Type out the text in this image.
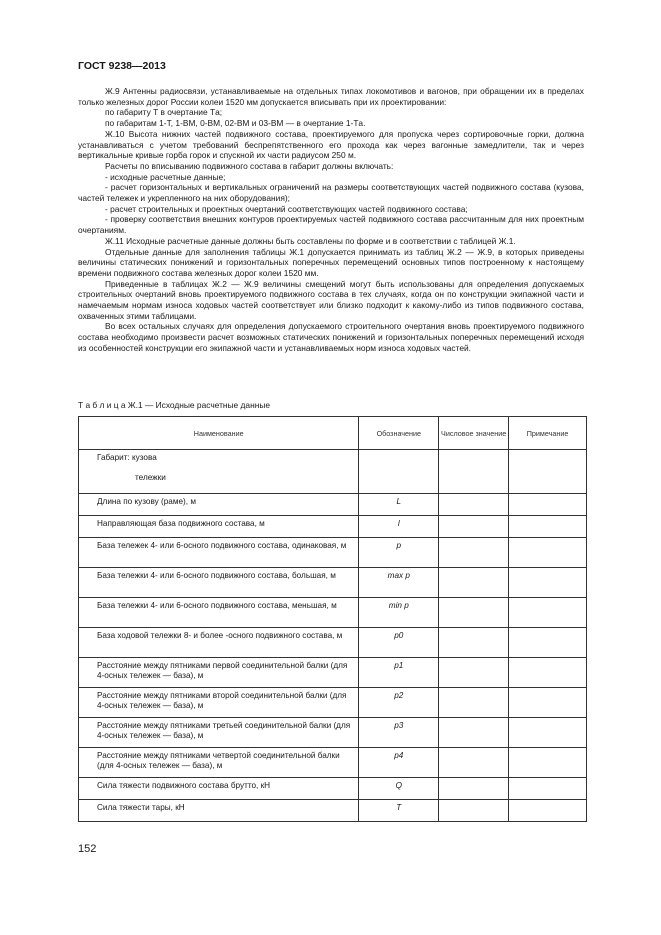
ГОСТ 9238—2013

Ж.9 Антенны радиосвязи, устанавливаемые на отдельных типах локомотивов и вагонов, при обращении их в пределах только железных дорог России колеи 1520 мм допускается вписывать при их проектировании:

по габариту Т в очертание Тa;

по габаритам 1-Т, 1-ВМ, 0-ВМ, 02-ВМ и 03-ВМ — в очертание 1-Тa.

Ж.10 Высота нижних частей подвижного состава, проектируемого для пропуска через сортировочные горки, должна устанавливаться с учетом требований беспрепятственного его прохода как через вагонные замедлители, так и через вертикальные кривые горба горок и спускной их части радиусом 250 м.

Расчеты по вписыванию подвижного состава в габарит должны включать:

- исходные расчетные данные;

- расчет горизонтальных и вертикальных ограничений на размеры соответствующих частей подвижного состава (кузова, частей тележек и укрепленного на них оборудования);

- расчет строительных и проектных очертаний соответствующих частей подвижного состава;

- проверку соответствия внешних контуров проектируемых частей подвижного состава рассчитанным для них проектным очертаниям.

Ж.11 Исходные расчетные данные должны быть составлены по форме и в соответствии с таблицей Ж.1.

Отдельные данные для заполнения таблицы Ж.1 допускается принимать из таблиц Ж.2 — Ж.9, в которых приведены величины статических понижений и горизонтальных поперечных перемещений основных типов построенному к настоящему времени подвижного состава железных дорог колеи 1520 мм.

Приведенные в таблицах Ж.2 — Ж.9 величины смещений могут быть использованы для определения допускаемых строительных очертаний вновь проектируемого подвижного состава в тех случаях, когда он по конструкции экипажной части и намечаемым нормам износа ходовых частей соответствует или близко подходит к какому-либо из типов подвижного состава, охваченных этими таблицами.

Во всех остальных случаях для определения допускаемого строительного очертания вновь проектируемого подвижного состава необходимо произвести расчет возможных статических понижений и горизонтальных поперечных перемещений исходя из особенностей конструкции его экипажной части и устанавливаемых норм износа ходовых частей.

Т а б л и ц а Ж.1 — Исходные расчетные данные
Наименование	Обозначение	Числовое значение	Примечание

Габарит: кузова
тележки			

Длина по кузову (раме), м	L		
Направляющая база подвижного состава, м	l		
База тележек 4- или 6-осного подвижного состава, одинаковая, м	p		
База тележки 4- или 6-осного подвижного состава, большая, м	max p		
База тележки 4- или 6-осного подвижного состава, меньшая, м	min p		
База ходовой тележки 8- и более -осного подвижного состава, м	p0		
Расстояние между пятниками первой соединительной балки (для 4-осных тележек — база), м	p1		
Расстояние между пятниками второй соединительной балки (для 4-осных тележек — база), м	p2		
Расстояние между пятниками третьей соединительной балки (для 4-осных тележек — база), м	p3		
Расстояние между пятниками четвертой соединительной балки (для 4-осных тележек — база), м	p4		
Сила тяжести подвижного состава брутто, кН	Q		
Сила тяжести тары, кН	T		
152
